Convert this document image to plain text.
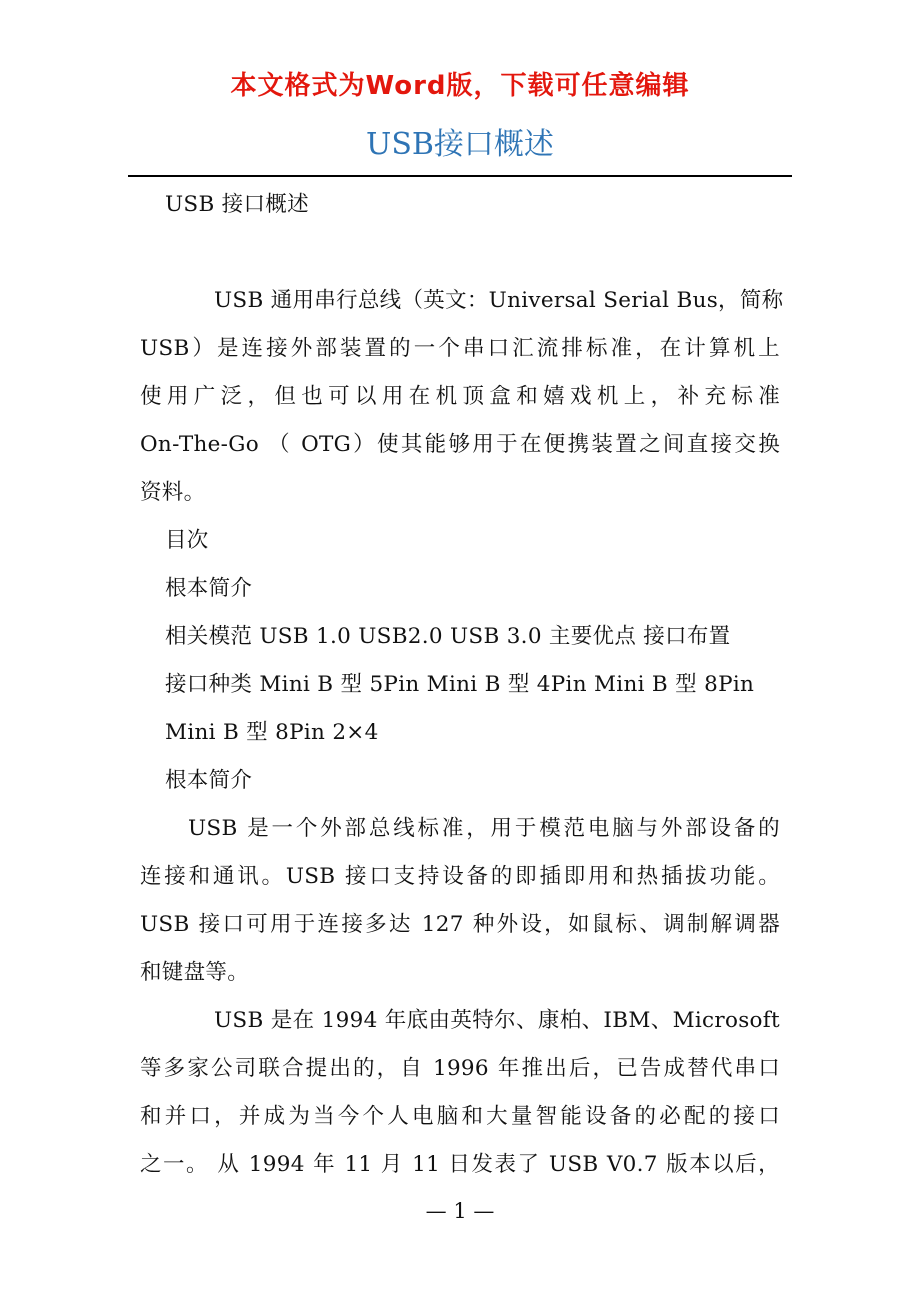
本文格式为Word版，下载可任意编辑
USB接口概述
USB 接口概述
USB 通用串行总线（英文：Universal Serial Bus，简称
USB）是连接外部装置的一个串口汇流排标准，在计算机上
使用广泛，但也可以用在机顶盒和嬉戏机上，补充标准
On-The-Go （ OTG）使其能够用于在便携装置之间直接交换
资料。
目次
根本简介
相关模范 USB 1.0 USB2.0 USB 3.0 主要优点 接口布置
接口种类 Mini B 型 5Pin Mini B 型 4Pin Mini B 型 8Pin
Mini B 型 8Pin 2×4
根本简介
USB 是一个外部总线标准，用于模范电脑与外部设备的
连接和通讯。USB 接口支持设备的即插即用和热插拔功能。
USB 接口可用于连接多达 127 种外设，如鼠标、调制解调器
和键盘等。
USB 是在 1994 年底由英特尔、康柏、IBM、Microsoft
等多家公司联合提出的，自 1996 年推出后，已告成替代串口
和并口，并成为当今个人电脑和大量智能设备的必配的接口
之一。 从 1994 年 11 月 11 日发表了 USB V0.7 版本以后，
— 1 —
